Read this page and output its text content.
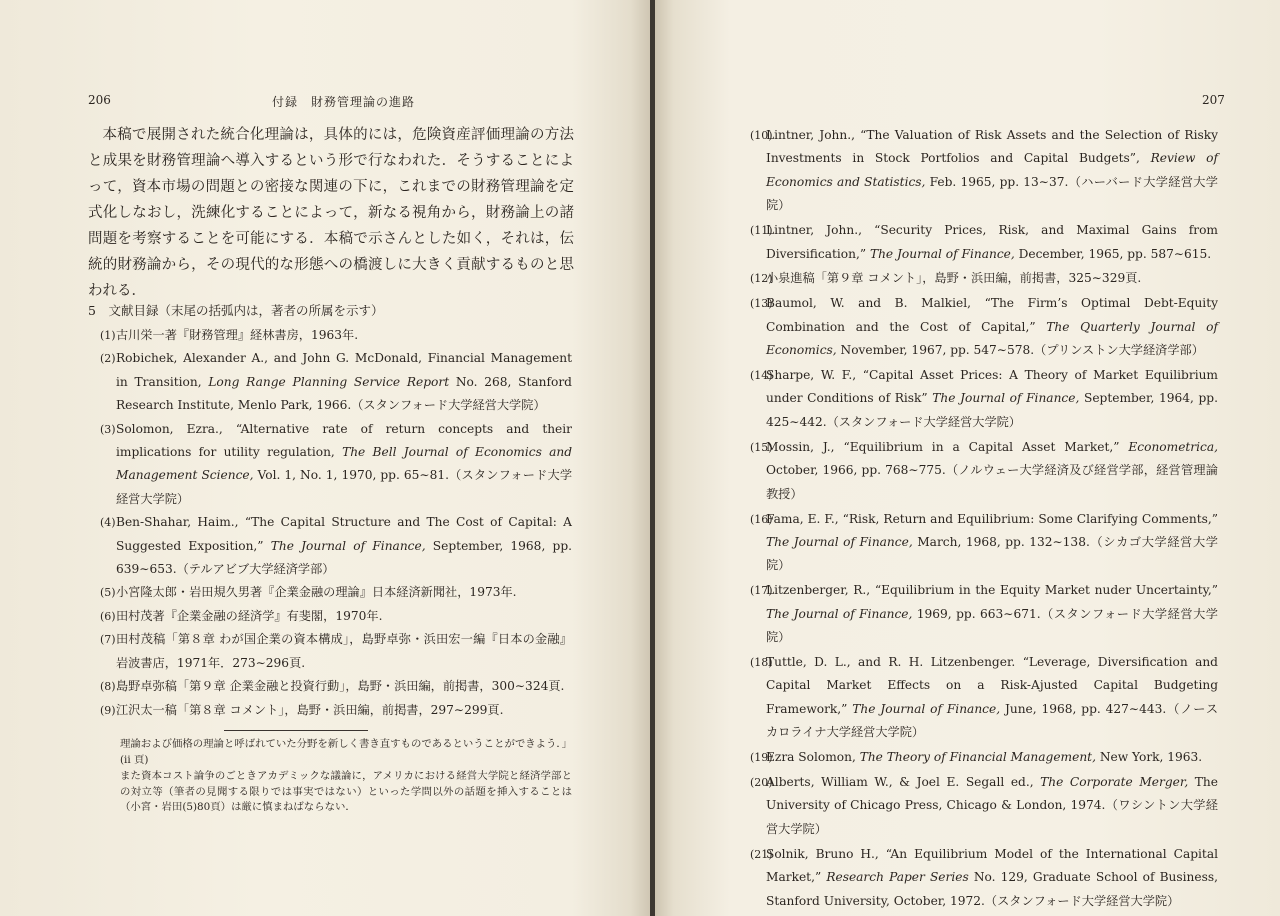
206	付録　財務管理論の進路

本稿で展開された統合化理論は，具体的には，危険資産評価理論の方法と成果を財務管理論へ導入するという形で行なわれた．そうすることによって，資本市場の問題との密接な関連の下に，これまでの財務管理論を定式化しなおし，洗練化することによって，新なる視角から，財務論上の諸問題を考察することを可能にする．本稿で示さんとした如く，それは，伝統的財務論から，その現代的な形態への橋渡しに大きく貢献するものと思われる．

5　文献目録（末尾の括弧内は，著者の所属を示す）

(1) 古川栄一著『財務管理』経林書房，1963年.

(2) Robichek, Alexander A., and John G. McDonald, Financial Management in Transition, Long Range Planning Service Report No. 268, Stanford Research Institute, Menlo Park, 1966.（スタンフォード大学経営大学院）

(3) Solomon, Ezra., “Alternative rate of return concepts and their implications for utility regulation, The Bell Journal of Economics and Management Science, Vol. 1, No. 1, 1970, pp. 65∼81.（スタンフォード大学経営大学院）

(4) Ben-Shahar, Haim., “The Capital Structure and The Cost of Capital: A Suggested Exposition,” The Journal of Finance, September, 1968, pp. 639∼653.（テルアビブ大学経済学部）

(5) 小宮隆太郎・岩田規久男著『企業金融の理論』日本経済新聞社，1973年.

(6) 田村茂著『企業金融の経済学』有斐閣，1970年.

(7) 田村茂稿「第８章 わが国企業の資本構成」，島野卓弥・浜田宏一編『日本の金融』岩波書店，1971年．273∼296頁.

(8) 島野卓弥稿「第９章 企業金融と投資行動」，島野・浜田編，前掲書，300∼324頁.

(9) 江沢太一稿「第８章 コメント」，島野・浜田編，前掲書，297∼299頁.

理論および価格の理論と呼ばれていた分野を新しく書き直すものであるということができよう．」(ii 頁)

また資本コスト論争のごときアカデミックな議論に，アメリカにおける経営大学院と経済学部との対立等（筆者の見聞する限りでは事実ではない）といった学問以外の話題を挿入することは（小宮・岩田(5)80頁）は厳に慎まねばならない．

207

(10)
Lintner, John., “The Valuation of Risk Assets and the Selection of Risky Investments in Stock Portfolios and Capital Budgets”, Review of Economics and Statistics, Feb. 1965, pp. 13∼37.（ハーバード大学経営大学院）

(11)
Lintner, John., “Security Prices, Risk, and Maximal Gains from Diversification,” The Journal of Finance, December, 1965, pp. 587∼615.

(12)
小泉進稿「第９章 コメント」，島野・浜田編，前掲書，325∼329頁.

(13)
Baumol, W. and B. Malkiel, “The Firm’s Optimal Debt-Equity Combination and the Cost of Capital,” The Quarterly Journal of Economics, November, 1967, pp. 547∼578.（プリンストン大学経済学部）

(14)
Sharpe, W. F., “Capital Asset Prices: A Theory of Market Equilibrium under Conditions of Risk” The Journal of Finance, September, 1964, pp. 425∼442.（スタンフォード大学経営大学院）

(15)
Mossin, J., “Equilibrium in a Capital Asset Market,” Econometrica, October, 1966, pp. 768∼775.（ノルウェー大学経済及び経営学部，経営管理論教授）

(16)
Fama, E. F., “Risk, Return and Equilibrium: Some Clarifying Comments,” The Journal of Finance, March, 1968, pp. 132∼138.（シカゴ大学経営大学院）

(17)
Litzenberger, R., “Equilibrium in the Equity Market nuder Uncertainty,” The Journal of Finance, 1969, pp. 663∼671.（スタンフォード大学経営大学院）

(18)
Tuttle, D. L., and R. H. Litzenbenger. “Leverage, Diversification and Capital Market Effects on a Risk-Ajusted Capital Budgeting Framework,” The Journal of Finance, June, 1968, pp. 427∼443.（ノースカロライナ大学経営大学院）

(19)
Ezra Solomon, The Theory of Financial Management, New York, 1963.

(20)
Alberts, William W., & Joel E. Segall ed., The Corporate Merger, The University of Chicago Press, Chicago & London, 1974.（ワシントン大学経営大学院）

(21)
Solnik, Bruno H., “An Equilibrium Model of the International Capital Market,” Research Paper Series No. 129, Graduate School of Business, Stanford University, October, 1972.（スタンフォード大学経営大学院）
